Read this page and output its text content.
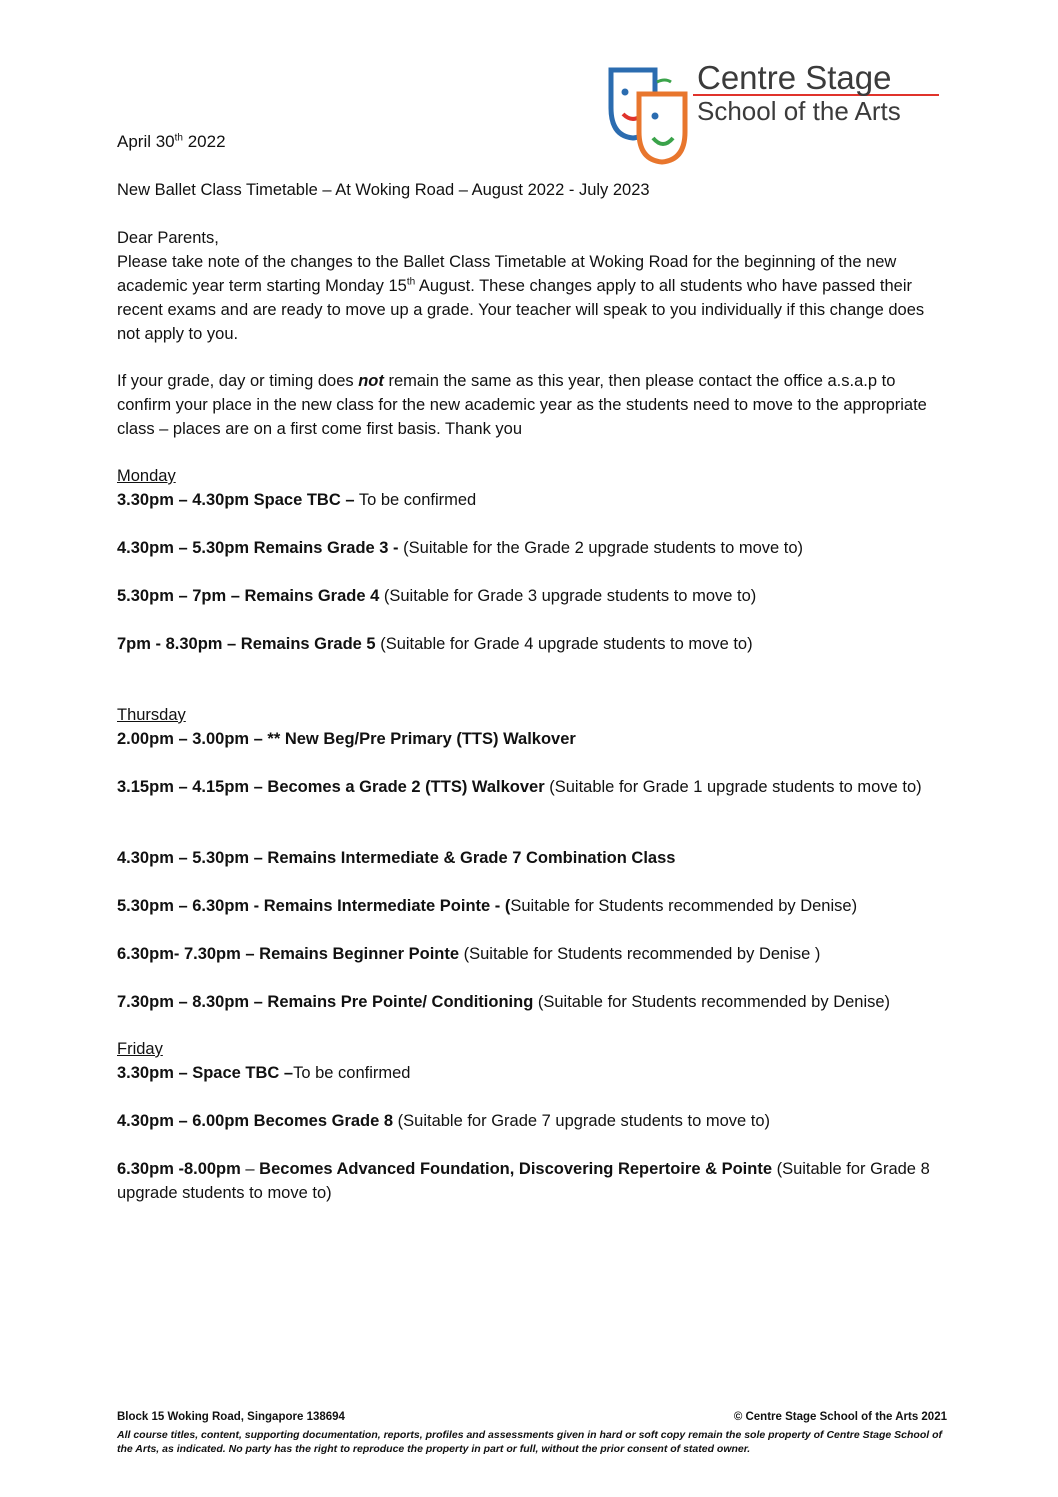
Centre Stage
School of the Arts
April 30th 2022
New Ballet Class Timetable – At Woking Road – August 2022 - July 2023
Dear Parents,
Please take note of the changes to the Ballet Class Timetable at Woking Road for the beginning of the new academic year term starting Monday 15th August. These changes apply to all students who have passed their recent exams and are ready to move up a grade. Your teacher will speak to you individually if this change does not apply to you.
If your grade, day or timing does not remain the same as this year, then please contact the office a.s.a.p to confirm your place in the new class for the new academic year as the students need to move to the appropriate class – places are on a first come first basis. Thank you
Monday
3.30pm – 4.30pm Space TBC – To be confirmed
4.30pm – 5.30pm Remains Grade 3 - (Suitable for the Grade 2 upgrade students to move to)
5.30pm – 7pm – Remains Grade 4 (Suitable for Grade 3 upgrade students to move to)
7pm - 8.30pm – Remains Grade 5 (Suitable for Grade 4 upgrade students to move to)
Thursday
2.00pm – 3.00pm – ** New Beg/Pre Primary (TTS) Walkover
3.15pm – 4.15pm – Becomes a Grade 2 (TTS) Walkover (Suitable for Grade 1 upgrade students to move to)
4.30pm – 5.30pm – Remains Intermediate & Grade 7 Combination Class
5.30pm – 6.30pm - Remains Intermediate Pointe - (Suitable for Students recommended by Denise)
6.30pm- 7.30pm – Remains Beginner Pointe (Suitable for Students recommended by Denise )
7.30pm – 8.30pm – Remains Pre Pointe/ Conditioning (Suitable for Students recommended by Denise)
Friday
3.30pm – Space TBC –To be confirmed
4.30pm – 6.00pm Becomes Grade 8 (Suitable for Grade 7 upgrade students to move to)
6.30pm -8.00pm – Becomes Advanced Foundation, Discovering Repertoire & Pointe (Suitable for Grade 8 upgrade students to move to)
Block 15 Woking Road, Singapore 138694	© Centre Stage School of the Arts 2021
All course titles, content, supporting documentation, reports, profiles and assessments given in hard or soft copy remain the sole property of Centre Stage School of the Arts, as indicated. No party has the right to reproduce the property in part or full, without the prior consent of stated owner.
